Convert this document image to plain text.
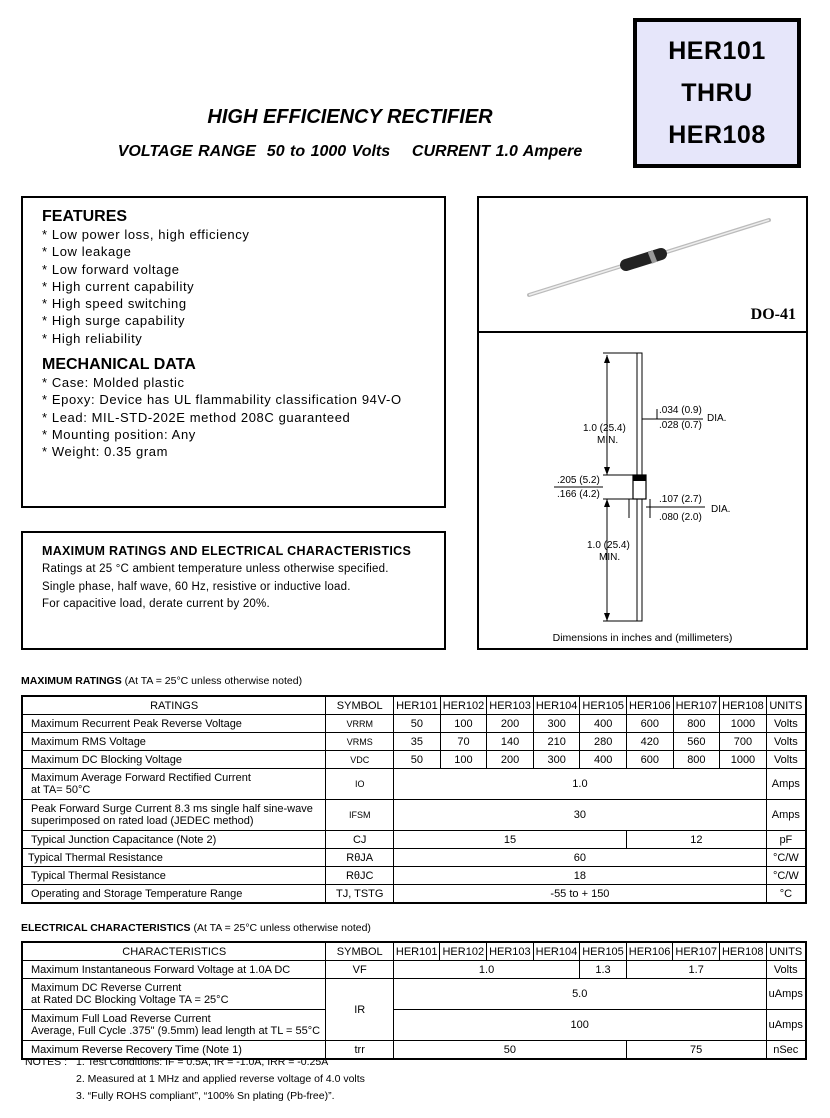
HER101
THRU
HER108
HIGH EFFICIENCY RECTIFIER
VOLTAGE RANGE  50 to 1000 Volts    CURRENT 1.0 Ampere
FEATURES
* Low power loss, high efficiency
* Low leakage
* Low forward voltage
* High current capability
* High speed switching
* High surge capability
* High reliability
MECHANICAL DATA
* Case: Molded plastic
* Epoxy: Device has UL flammability classification 94V-O
* Lead: MIL-STD-202E method 208C guaranteed
* Mounting position: Any
* Weight: 0.35 gram
MAXIMUM RATINGS AND ELECTRICAL CHARACTERISTICS
Ratings at 25 °C ambient temperature unless otherwise specified.
Single phase, half wave, 60 Hz, resistive or inductive load.
For capacitive load, derate current by 20%.
DO-41
.034 (0.9)
.028 (0.7)
DIA.
1.0 (25.4)
MIN.
.205 (5.2)
.166 (4.2)	.107 (2.7)
.080 (2.0)
DIA.
1.0 (25.4)
MIN.
Dimensions in inches and (millimeters)
MAXIMUM RATINGS (At TA = 25°C unless otherwise noted)
RATINGS	SYMBOL	HER101	HER102	HER103	HER104	HER105	HER106	HER107	HER108	UNITS
Maximum Recurrent Peak Reverse Voltage	VRRM	50	100	200	300	400	600	800	1000	Volts
Maximum RMS Voltage	VRMS	35	70	140	210	280	420	560	700	Volts
Maximum DC Blocking Voltage	VDC	50	100	200	300	400	600	800	1000	Volts

Maximum Average Forward Rectified Current
at TA= 50°C	IO	1.0								Amps

Peak Forward Surge Current 8.3 ms single half sine-wave
superimposed on rated load (JEDEC method)	IFSM	30								Amps
Typical Junction Capacitance (Note 2)	CJ	15					12			pF
Typical Thermal Resistance	RθJA	60								°C/W
Typical Thermal Resistance	RθJC	18								°C/W
Operating and Storage Temperature Range	TJ, TSTG	-55 to + 150								°C
ELECTRICAL CHARACTERISTICS (At TA = 25°C unless otherwise noted)
CHARACTERISTICS	SYMBOL	HER101	HER102	HER103	HER104	HER105	HER106	HER107	HER108	UNITS
Maximum Instantaneous Forward Voltage at 1.0A DC	VF	1.0				1.3	1.7			Volts

Maximum DC Reverse Current
at Rated DC Blocking Voltage TA = 25°C	IR	5.0								uAmps

Maximum Full Load Reverse Current
Average, Full Cycle .375" (9.5mm) lead length at TL = 55°C		100								uAmps
Maximum Reverse Recovery Time (Note 1)	trr	50					75			nSec
NOTES : 1. Test Conditions: IF = 0.5A, IR = -1.0A, IRR = -0.25A
2. Measured at 1 MHz and applied reverse voltage of 4.0 volts
3. “Fully ROHS compliant”, “100% Sn plating (Pb-free)”.
